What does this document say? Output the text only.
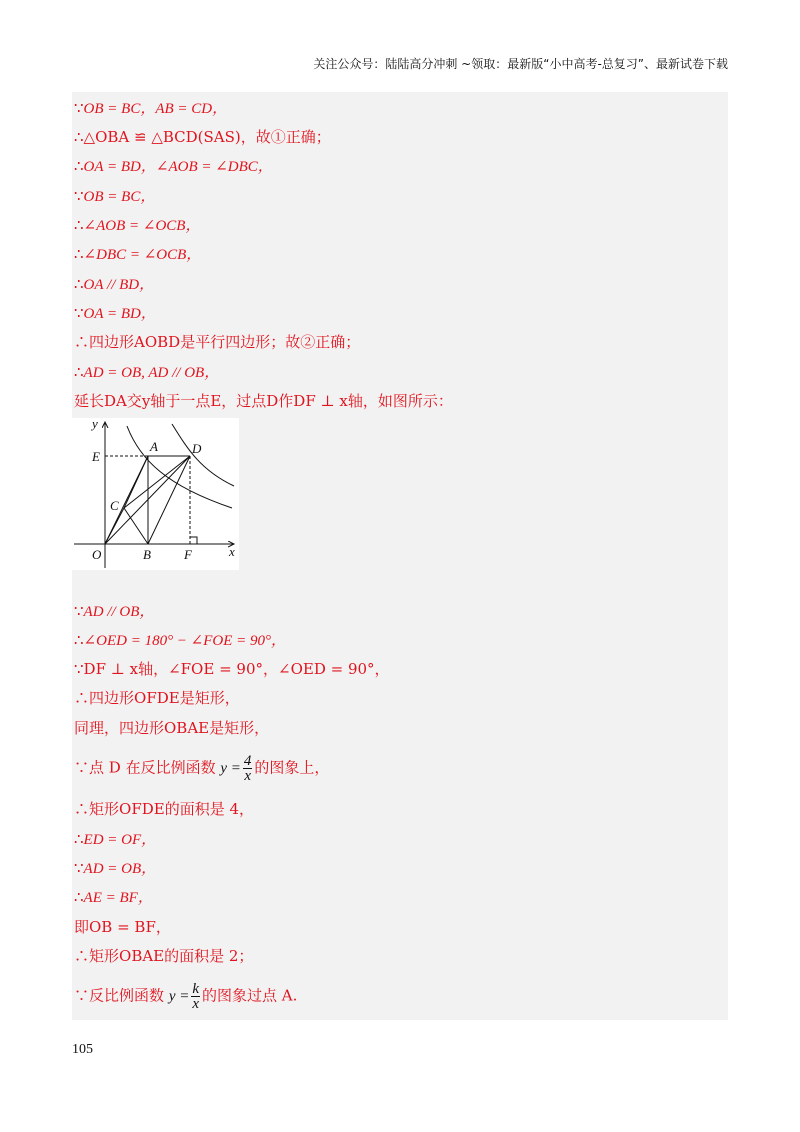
关注公众号：陆陆高分冲刺 ~领取：最新版“小中高考-总复习”、最新试卷下载
∵OB = BC，AB = CD，
∴△OBA ≌ △BCD(SAS)，故①正确；
∴OA = BD，∠AOB = ∠DBC，
∵OB = BC，
∴∠AOB = ∠OCB，
∴∠DBC = ∠OCB，
∴OA // BD，
∵OA = BD，
∴四边形AOBD是平行四边形；故②正确；
∴AD = OB, AD // OB，
延长DA交y轴于一点E，过点D作DF ⊥ x轴，如图所示：
y
x
O	B	F
E
A	D
C
∵AD // OB，
∴∠OED = 180° − ∠FOE = 90°，
∵DF ⊥ x轴，∠FOE = 90°，∠OED = 90°，
∴四边形OFDE是矩形，
同理，四边形OBAE是矩形，
∵点 D 在反比例函数 $y = \frac{4}{x}$ 的图象上，
∴矩形OFDE的面积是 4，
∴ED = OF，
∵AD = OB，
∴AE = BF，
即OB = BF，
∴矩形OBAE的面积是 2；
∵反比例函数 $y = \frac{k}{x}$ 的图象过点 A.
105
